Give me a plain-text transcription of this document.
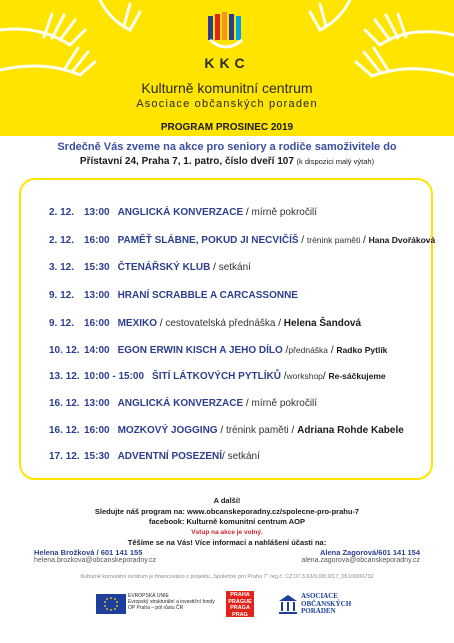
KKC
Kulturně komunitní centrum
Asociace občanských poraden
PROGRAM PROSINEC 2019
Srdečně Vás zveme na akce pro seniory a rodiče samoživitele do
Přístavní 24, Praha 7, 1. patro, číslo dveří 107 (k dispozici malý výtah)
2. 12. 13:00 ANGLICKÁ KONVERZACE / mírně pokročilí
2. 12. 16:00 PAMĚŤ SLÁBNE, POKUD JI NECVIČÍŠ / trénink paměti / Hana Dvořáková
3. 12. 15:30 ČTENÁŘSKÝ KLUB / setkání
9. 12. 13:00 HRANÍ SCRABBLE A CARCASSONNE
9. 12. 16:00 MEXIKO / cestovatelská přednáška / Helena Šandová
10. 12. 14:00 EGON ERWIN KISCH A JEHO DÍLO /přednáška / Radko Pytlík
13. 12. 10:00 - 15:00 ŠITÍ LÁTKOVÝCH PYTLÍKŮ /workshop/ Re-sáčkujeme
16. 12. 13:00 ANGLICKÁ KONVERZACE / mírně pokročilí
16. 12. 16:00 MOZKOVÝ JOGGING / trénink paměti / Adriana Rohde Kabele
17. 12. 15:30 ADVENTNÍ POSEZENÍ/ setkání
A další!
Sledujte náš program na: www.obcanskeporadny.cz/spolecne-pro-prahu-7
facebook: Kulturně komunitní centrum AOP
Vstup na akce je volný.
Těšíme se na Vás! Více informací a nahlášení účasti na:
Helena Brožková / 601 141 155
helena.brozkova@obcanskeporadny.cz
Alena Zagorová/601 141 154
alena.zagorova@obcanskeporadny.cz
Kulturně komunitní centrum je financováno z projektu „Společně pro Prahu 7“ reg.č. CZ.07.3.63/0.0/0.0/17_051/0000732
EVROPSKÁ UNIE
Evropský strukturální a investiční fondy
OP Praha – pól růstu ČR
PRAHA PRAGUE PRAGA PRAG
ASOCIACE
OBČANSKÝCH
PORADEN
